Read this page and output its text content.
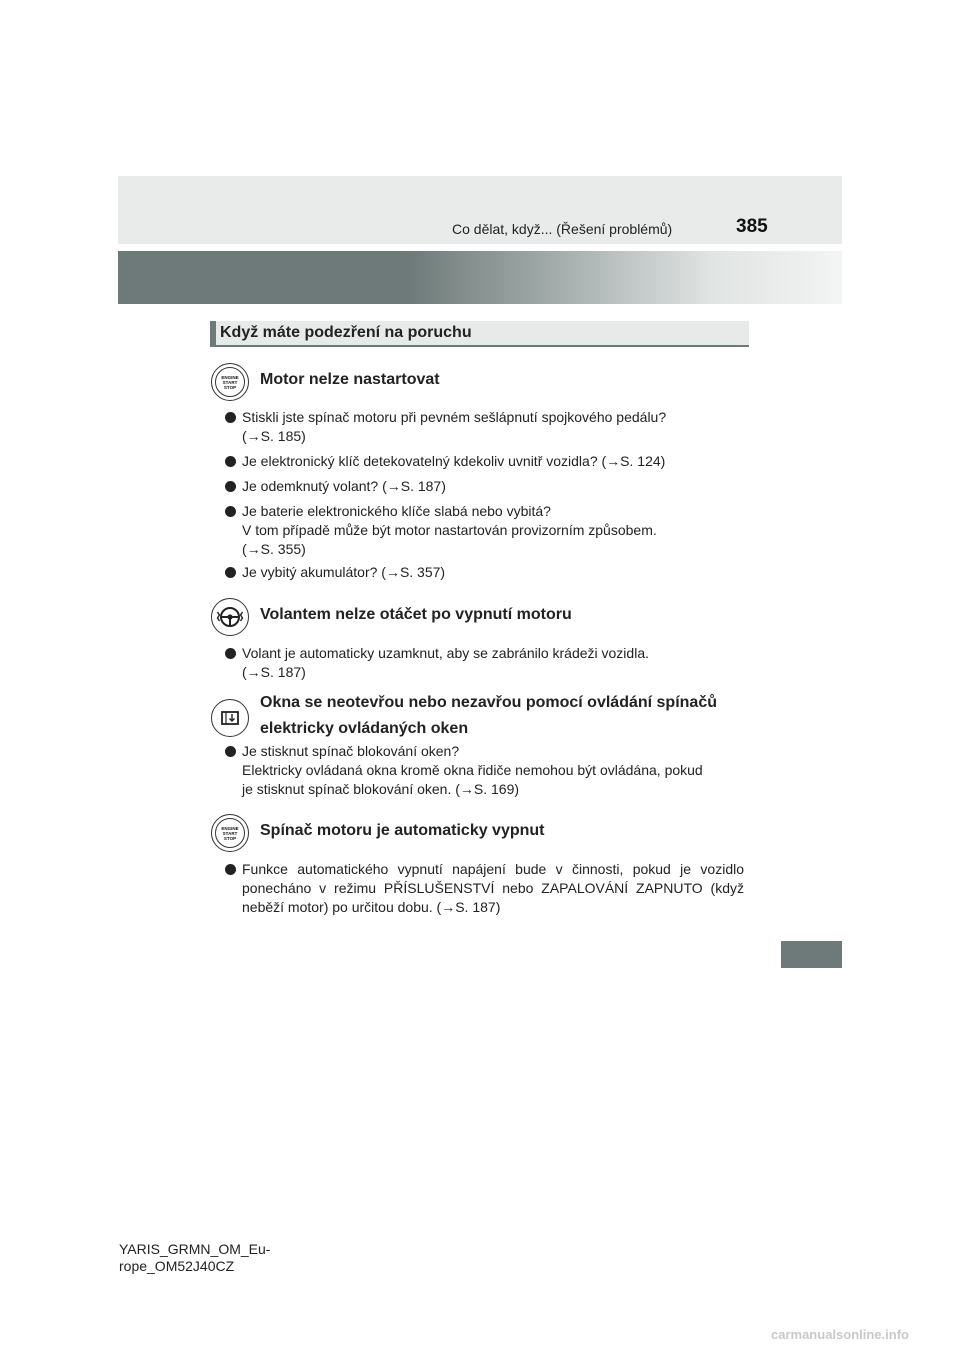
Co dělat, když... (Řešení problémů)	385
Když máte podezření na poruchu
ENGINE
START
STOP Motor nelze nastartovat
Stiskli jste spínač motoru při pevném sešlápnutí spojkového pedálu?
(→S. 185)
Je elektronický klíč detekovatelný kdekoliv uvnitř vozidla? (→S. 124)
Je odemknutý volant? (→S. 187)
Je baterie elektronického klíče slabá nebo vybitá?
V tom případě může být motor nastartován provizorním způsobem.
(→S. 355)
Je vybitý akumulátor? (→S. 357)
Volantem nelze otáčet po vypnutí motoru
Volant je automaticky uzamknut, aby se zabránilo krádeži vozidla.
(→S. 187)
Okna se neotevřou nebo nezavřou pomocí ovládání spínačů
elektricky ovládaných oken
Je stisknut spínač blokování oken?
Elektricky ovládaná okna kromě okna řidiče nemohou být ovládána, pokud
je stisknut spínač blokování oken. (→S. 169)
ENGINE
START
STOP Spínač motoru je automaticky vypnut
Funkce automatického vypnutí napájení bude v činnosti, pokud je vozidlo ponecháno v režimu PŘÍSLUŠENSTVÍ nebo ZAPALOVÁNÍ ZAPNUTO (když neběží motor) po určitou dobu. (→S. 187)
YARIS_GRMN_OM_Eu-
rope_OM52J40CZ
carmanualsonline.info
